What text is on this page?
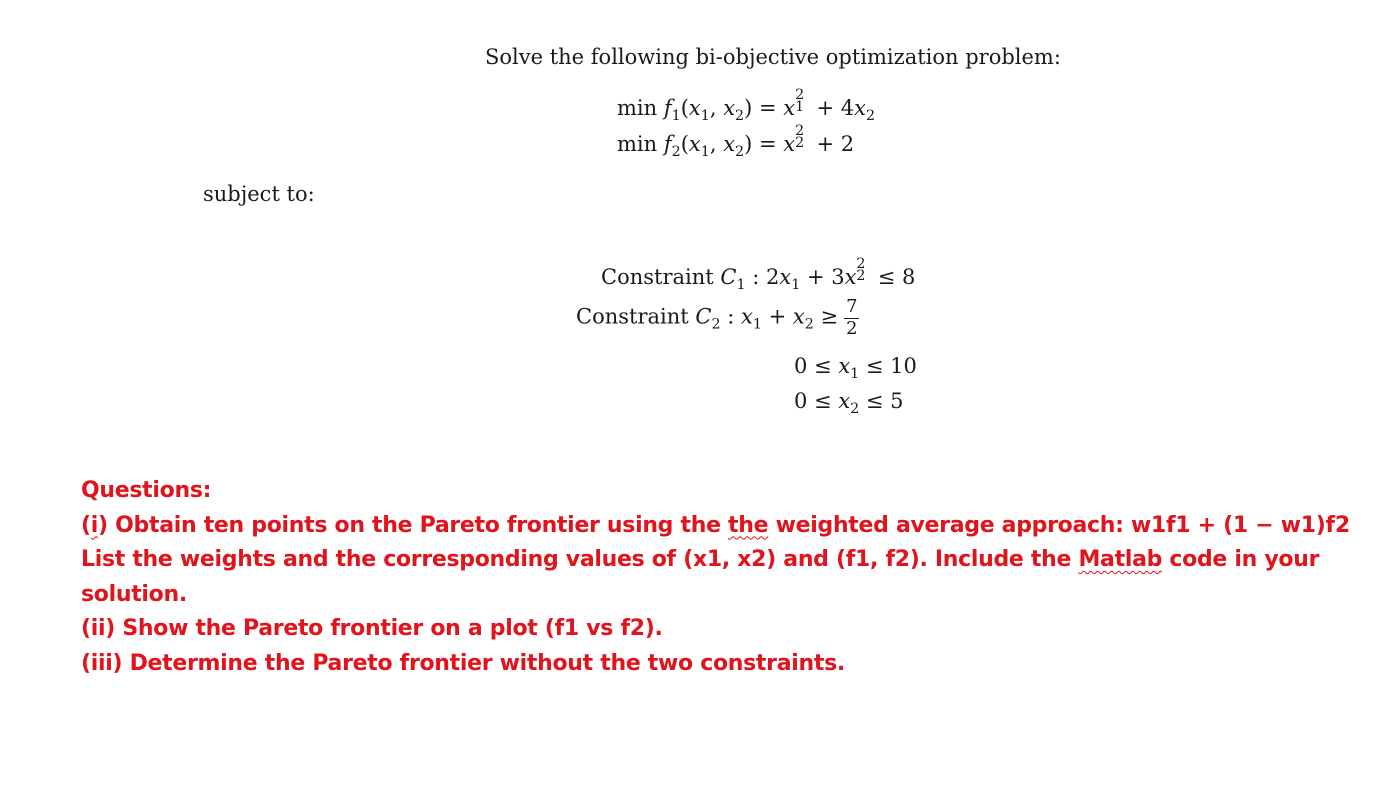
Solve the following bi-objective optimization problem:
$\min f_1(x_1$, $x_2) = x$
2
$1 + 4x_2$
$\min f_2(x_1$, $x_2) = x$
2
2 + 2
subject to:
Constraint $C_1$ : $2x_1 + 3x$
2
2 ≤ 8
Constraint $C_2$ : $x_1 + x_2 \ge \frac{7}{2}$
$0 \le x_1 \le 10$
$0 \le x_2 \le 5$
Questions:
(i) Obtain ten points on the Pareto frontier using the the weighted average approach: w1f1 + (1 − w1)f2
List the weights and the corresponding values of (x1, x2) and (f1, f2). Include the Matlab code in your
solution.
(ii) Show the Pareto frontier on a plot (f1 vs f2).
(iii) Determine the Pareto frontier without the two constraints.
